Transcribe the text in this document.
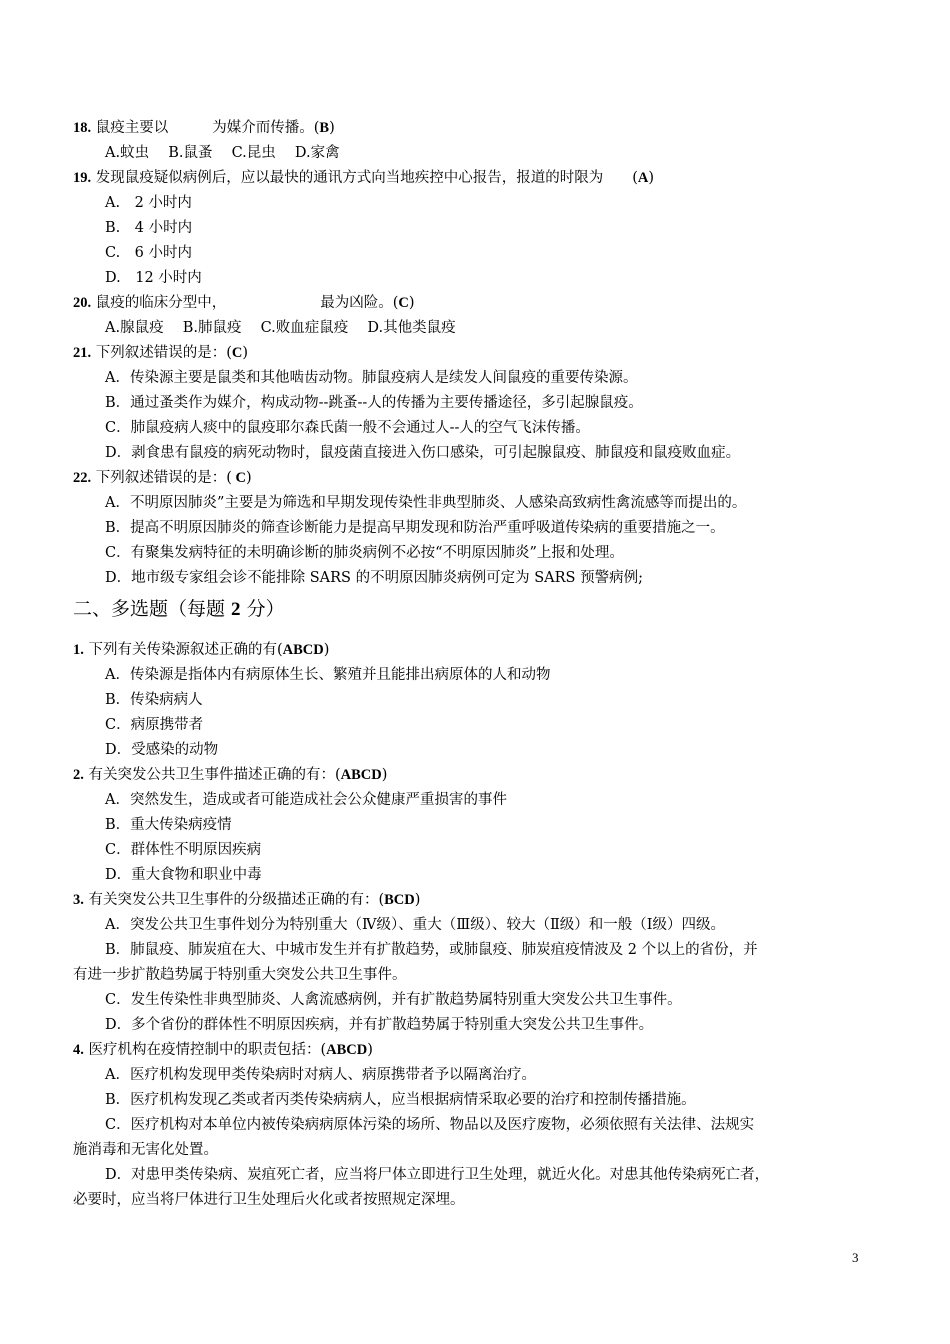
18. 鼠疫主要以	为媒介而传播。(B)
A.蚊虫　 B.鼠蚤　 C.昆虫　 D.家禽
19. 发现鼠疫疑似病例后，应以最快的通讯方式向当地疾控中心报告，报道的时限为　　(A)
A.　2 小时内
B.　4 小时内
C.　6 小时内
D.　12 小时内
20. 鼠疫的临床分型中，	最为凶险。(C)
A.腺鼠疫　 B.肺鼠疫　 C.败血症鼠疫　 D.其他类鼠疫
21. 下列叙述错误的是：(C)
A．传染源主要是鼠类和其他啮齿动物。肺鼠疫病人是续发人间鼠疫的重要传染源。
B．通过蚤类作为媒介，构成动物--跳蚤--人的传播为主要传播途径，多引起腺鼠疫。
C．肺鼠疫病人痰中的鼠疫耶尔森氏菌一般不会通过人--人的空气飞沫传播。
D．剥食患有鼠疫的病死动物时，鼠疫菌直接进入伤口感染，可引起腺鼠疫、肺鼠疫和鼠疫败血症。
22. 下列叙述错误的是：( C)
A．不明原因肺炎”主要是为筛选和早期发现传染性非典型肺炎、人感染高致病性禽流感等而提出的。
B．提高不明原因肺炎的筛查诊断能力是提高早期发现和防治严重呼吸道传染病的重要措施之一。
C．有聚集发病特征的未明确诊断的肺炎病例不必按“不明原因肺炎”上报和处理。
D．地市级专家组会诊不能排除 SARS 的不明原因肺炎病例可定为 SARS 预警病例;
二、多选题（每题 2 分）
1. 下列有关传染源叙述正确的有(ABCD)
A．传染源是指体内有病原体生长、繁殖并且能排出病原体的人和动物
B．传染病病人
C．病原携带者
D．受感染的动物
2. 有关突发公共卫生事件描述正确的有：(ABCD)
A．突然发生，造成或者可能造成社会公众健康严重损害的事件
B．重大传染病疫情
C．群体性不明原因疾病
D．重大食物和职业中毒
3. 有关突发公共卫生事件的分级描述正确的有：(BCD)
A．突发公共卫生事件划分为特别重大（Ⅳ级）、重大（Ⅲ级）、较大（Ⅱ级）和一般（Ⅰ级）四级。
B．肺鼠疫、肺炭疽在大、中城市发生并有扩散趋势，或肺鼠疫、肺炭疽疫情波及 2 个以上的省份，并
有进一步扩散趋势属于特别重大突发公共卫生事件。
C．发生传染性非典型肺炎、人禽流感病例，并有扩散趋势属特别重大突发公共卫生事件。
D．多个省份的群体性不明原因疾病，并有扩散趋势属于特别重大突发公共卫生事件。
4. 医疗机构在疫情控制中的职责包括：(ABCD)
A．医疗机构发现甲类传染病时对病人、病原携带者予以隔离治疗。
B．医疗机构发现乙类或者丙类传染病病人，应当根据病情采取必要的治疗和控制传播措施。
C．医疗机构对本单位内被传染病病原体污染的场所、物品以及医疗废物，必须依照有关法律、法规实
施消毒和无害化处置。
D．对患甲类传染病、炭疽死亡者，应当将尸体立即进行卫生处理，就近火化。对患其他传染病死亡者，
必要时，应当将尸体进行卫生处理后火化或者按照规定深埋。
3
